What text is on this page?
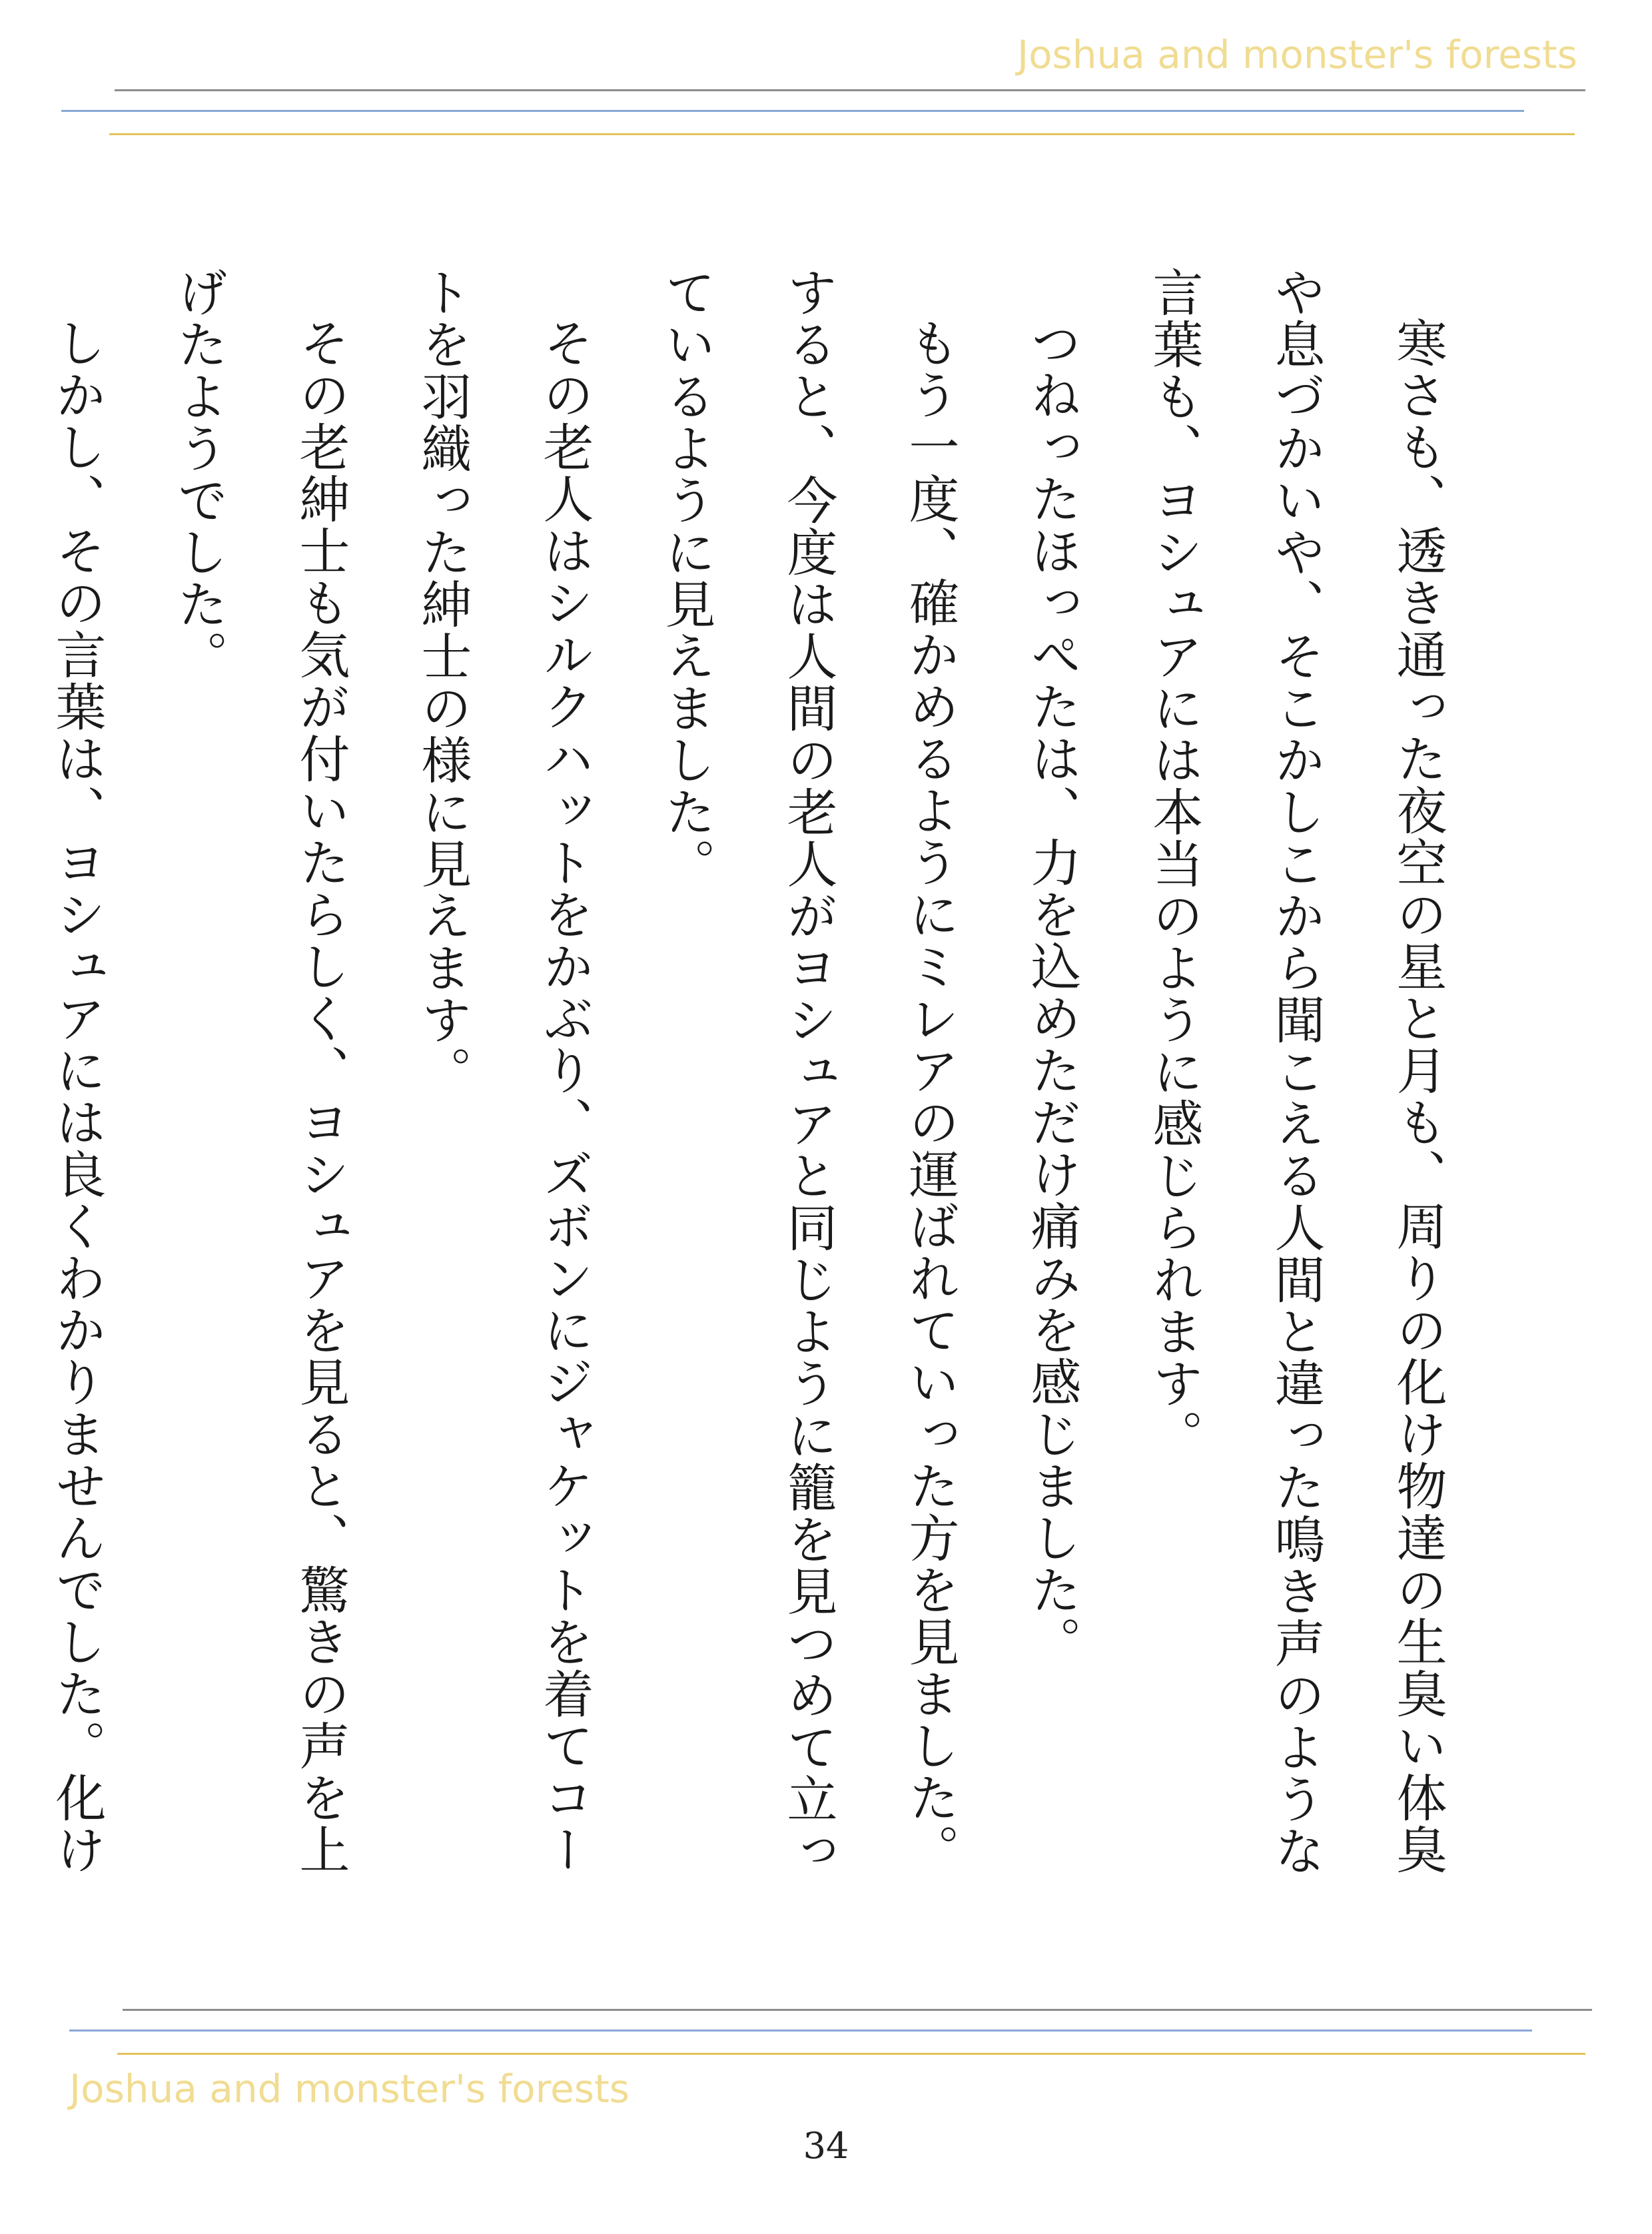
Joshua and monster's forests

寒さも、透き通った夜空の星と月も、周りの化け物達の生臭い体臭や息づかいや、そこかしこから聞こえる人間と違った鳴き声のような言葉も、ヨシュアには本当のように感じられます。

つねったほっぺたは、力を込めただけ痛みを感じました。

もう一度、確かめるようにミレアの運ばれていった方を見ました。すると、今度は人間の老人がヨシュアと同じように籠を見つめて立っているように見えました。

その老人はシルクハットをかぶり、ズボンにジャケットを着てコートを羽織った紳士の様に見えます。

その老紳士も気が付いたらしく、ヨシュアを見ると、驚きの声を上げたようでした。

しかし、その言葉は、ヨシュアには良くわかりませんでした。化け

Joshua and monster's forests
34
